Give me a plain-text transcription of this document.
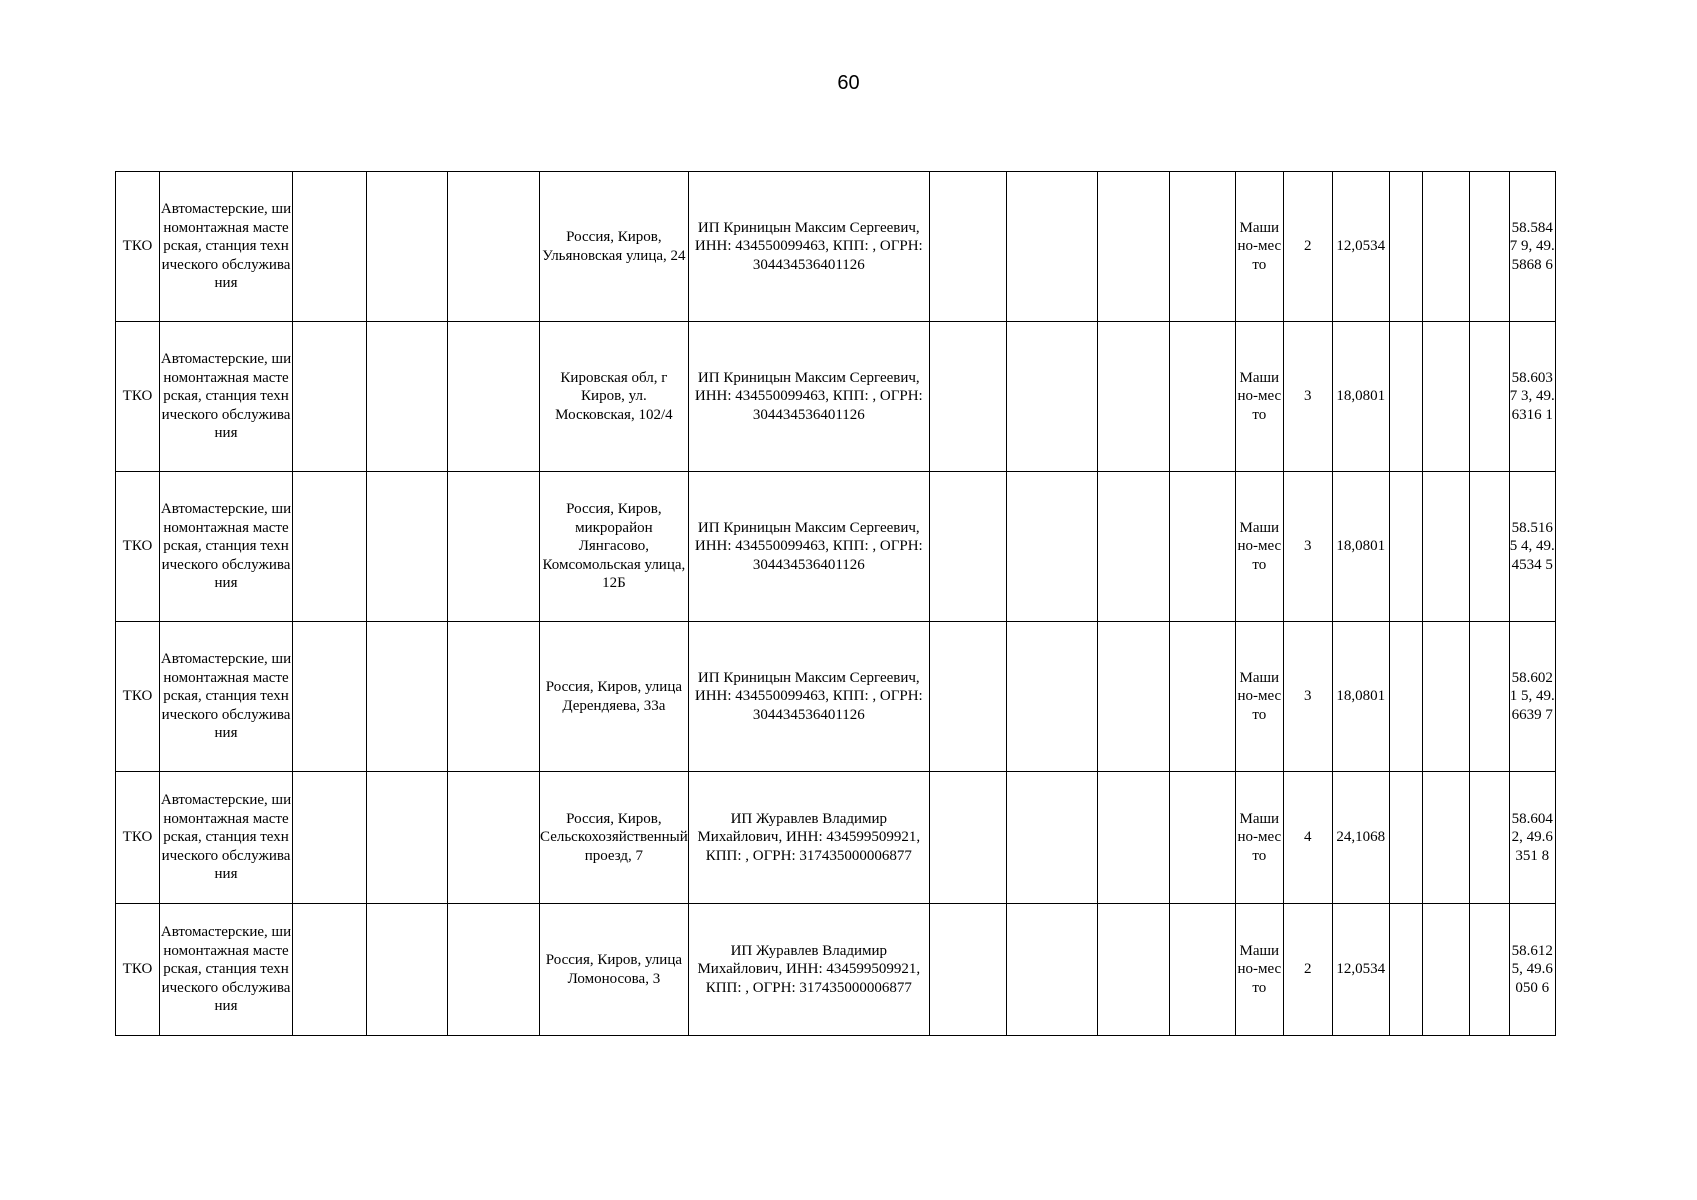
60
ТКО	Автомастерские, шиномонтажная мастерская, станция технического обслуживания				Россия, Киров, Ульяновская улица, 24	ИП Криницын Максим Сергеевич, ИНН: 434550099463, КПП: , ОГРН: 304434536401126					Машино-место	2	12,0534				58.5847 9, 49.5868 6
ТКО	Автомастерские, шиномонтажная мастерская, станция технического обслуживания				Кировская обл, г Киров, ул. Московская, 102/4	ИП Криницын Максим Сергеевич, ИНН: 434550099463, КПП: , ОГРН: 304434536401126					Машино-место	3	18,0801				58.6037 3, 49.6316 1
ТКО	Автомастерские, шиномонтажная мастерская, станция технического обслуживания				Россия, Киров, микрорайон Лянгасово, Комсомольская улица, 12Б	ИП Криницын Максим Сергеевич, ИНН: 434550099463, КПП: , ОГРН: 304434536401126					Машино-место	3	18,0801				58.5165 4, 49.4534 5
ТКО	Автомастерские, шиномонтажная мастерская, станция технического обслуживания				Россия, Киров, улица Дерендяева, 33а	ИП Криницын Максим Сергеевич, ИНН: 434550099463, КПП: , ОГРН: 304434536401126					Машино-место	3	18,0801				58.6021 5, 49.6639 7
ТКО	Автомастерские, шиномонтажная мастерская, станция технического обслуживания				Россия, Киров, Сельскохозяйственный проезд, 7	ИП Журавлев Владимир Михайлович, ИНН: 434599509921, КПП: , ОГРН: 317435000006877					Машино-место	4	24,1068				58.6042, 49.6351 8
ТКО	Автомастерские, шиномонтажная мастерская, станция технического обслуживания				Россия, Киров, улица Ломоносова, 3	ИП Журавлев Владимир Михайлович, ИНН: 434599509921, КПП: , ОГРН: 317435000006877					Машино-место	2	12,0534				58.6125, 49.6050 6
